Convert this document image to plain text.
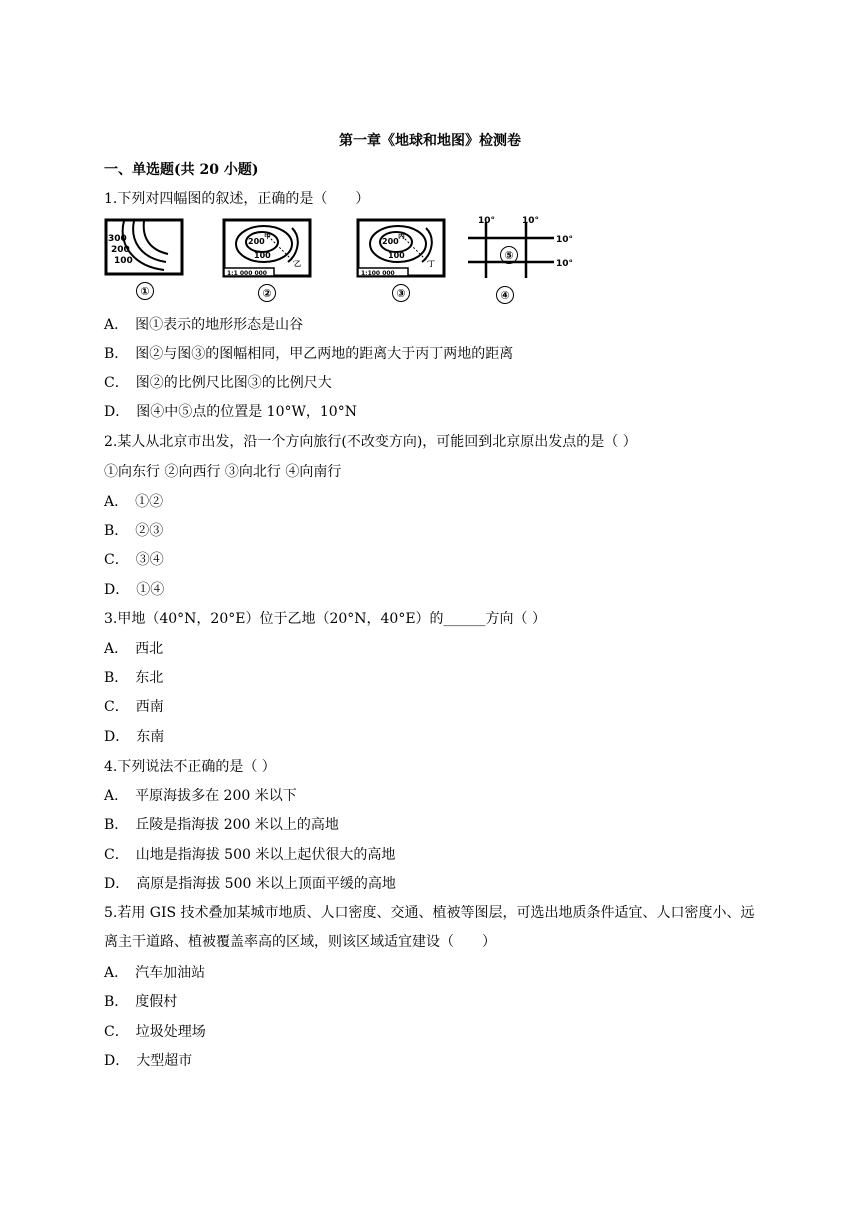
第一章《地球和地图》检测卷
一、单选题(共 20 小题)
1.下列对四幅图的叙述，正确的是（　　）
300
200
100
①
200
100
甲
乙
1:1 000 000
②
200
100
丙
丁
1:100 000
③
10°	10°
10°
10°
⑤
④
A．　图①表示的地形形态是山谷
B．　图②与图③的图幅相同，甲乙两地的距离大于丙丁两地的距离
C．　图②的比例尺比图③的比例尺大
D．　图④中⑤点的位置是 10°W，10°N
2.某人从北京市出发，沿一个方向旅行(不改变方向)，可能回到北京原出发点的是（ ）
①向东行 ②向西行 ③向北行 ④向南行
A．　①②
B．　②③
C．　③④
D．　①④
3.甲地（40°N，20°E）位于乙地（20°N，40°E）的______方向（ ）
A．　西北
B．　东北
C．　西南
D．　东南
4.下列说法不正确的是（ ）
A．　平原海拔多在 200 米以下
B．　丘陵是指海拔 200 米以上的高地
C．　山地是指海拔 500 米以上起伏很大的高地
D．　高原是指海拔 500 米以上顶面平缓的高地
5.若用 GIS 技术叠加某城市地质、人口密度、交通、植被等图层，可选出地质条件适宜、人口密度小、远离主干道路、植被覆盖率高的区域，则该区域适宜建设（　　）
A．　汽车加油站
B．　度假村
C．　垃圾处理场
D．　大型超市
